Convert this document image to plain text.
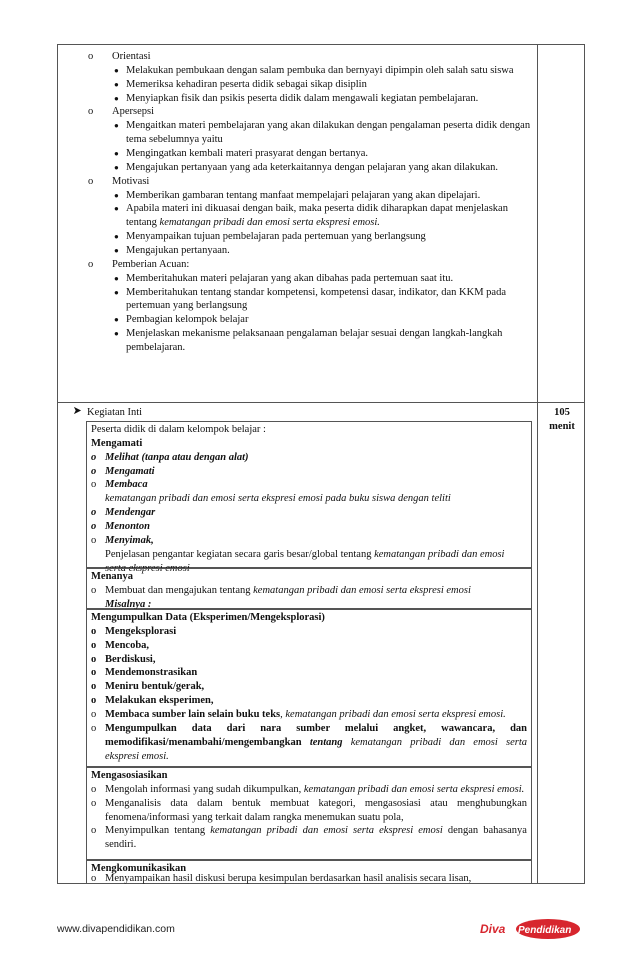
o Orientasi
● Melakukan pembukaan dengan salam pembuka dan bernyayi dipimpin oleh salah satu siswa
● Memeriksa kehadiran peserta didik sebagai sikap disiplin
● Menyiapkan fisik dan psikis peserta didik dalam mengawali kegiatan pembelajaran.
o Apersepsi
● Mengaitkan materi pembelajaran yang akan dilakukan dengan pengalaman peserta didik dengan tema sebelumnya yaitu
● Mengingatkan kembali materi prasyarat dengan bertanya.
● Mengajukan pertanyaan yang ada keterkaitannya dengan pelajaran yang akan dilakukan.
o Motivasi
● Memberikan gambaran tentang manfaat mempelajari pelajaran yang akan dipelajari.
● Apabila materi ini dikuasai dengan baik, maka peserta didik diharapkan dapat menjelaskan tentang kematangan pribadi dan emosi serta ekspresi emosi.
● Menyampaikan tujuan pembelajaran pada pertemuan yang berlangsung
● Mengajukan pertanyaan.
o Pemberian Acuan:
● Memberitahukan materi pelajaran yang akan dibahas pada pertemuan saat itu.
● Memberitahukan tentang standar kompetensi, kompetensi dasar, indikator, dan KKM pada pertemuan yang berlangsung
● Pembagian kelompok belajar
● Menjelaskan mekanisme pelaksanaan pengalaman belajar sesuai dengan langkah-langkah pembelajaran.
Kegiatan Inti	105
menit
Peserta didik di dalam kelompok belajar :
Mengamati
o Melihat (tanpa atau dengan alat)
o Mengamati
o Membaca
kematangan pribadi dan emosi serta ekspresi emosi pada buku siswa dengan teliti
o Mendengar
o Menonton
o Menyimak,
Penjelasan pengantar kegiatan secara garis besar/global tentang kematangan pribadi dan emosi serta ekspresi emosi
Menanya
o Membuat dan mengajukan tentang kematangan pribadi dan emosi serta ekspresi emosi
Misalnya :
Mengumpulkan Data (Eksperimen/Mengeksplorasi)
o Mengeksplorasi
o Mencoba,
o Berdiskusi,
o Mendemonstrasikan
o Meniru bentuk/gerak,
o Melakukan eksperimen,
o Membaca sumber lain selain buku teks, kematangan pribadi dan emosi serta ekspresi emosi.
o Mengumpulkan data dari nara sumber melalui angket, wawancara, dan memodifikasi/menambahi/mengembangkan tentang kematangan pribadi dan emosi serta ekspresi emosi.
Mengasosiasikan
o Mengolah informasi yang sudah dikumpulkan, kematangan pribadi dan emosi serta ekspresi emosi.
o Menganalisis data dalam bentuk membuat kategori, mengasosiasi atau menghubungkan fenomena/informasi yang terkait dalam rangka menemukan suatu pola,
o Menyimpulkan tentang kematangan pribadi dan emosi serta ekspresi emosi dengan bahasanya sendiri.
Mengkomunikasikan
o Menyampaikan hasil diskusi berupa kesimpulan berdasarkan hasil analisis secara lisan,
www.divapendidikan.com	Diva Pendidikan
